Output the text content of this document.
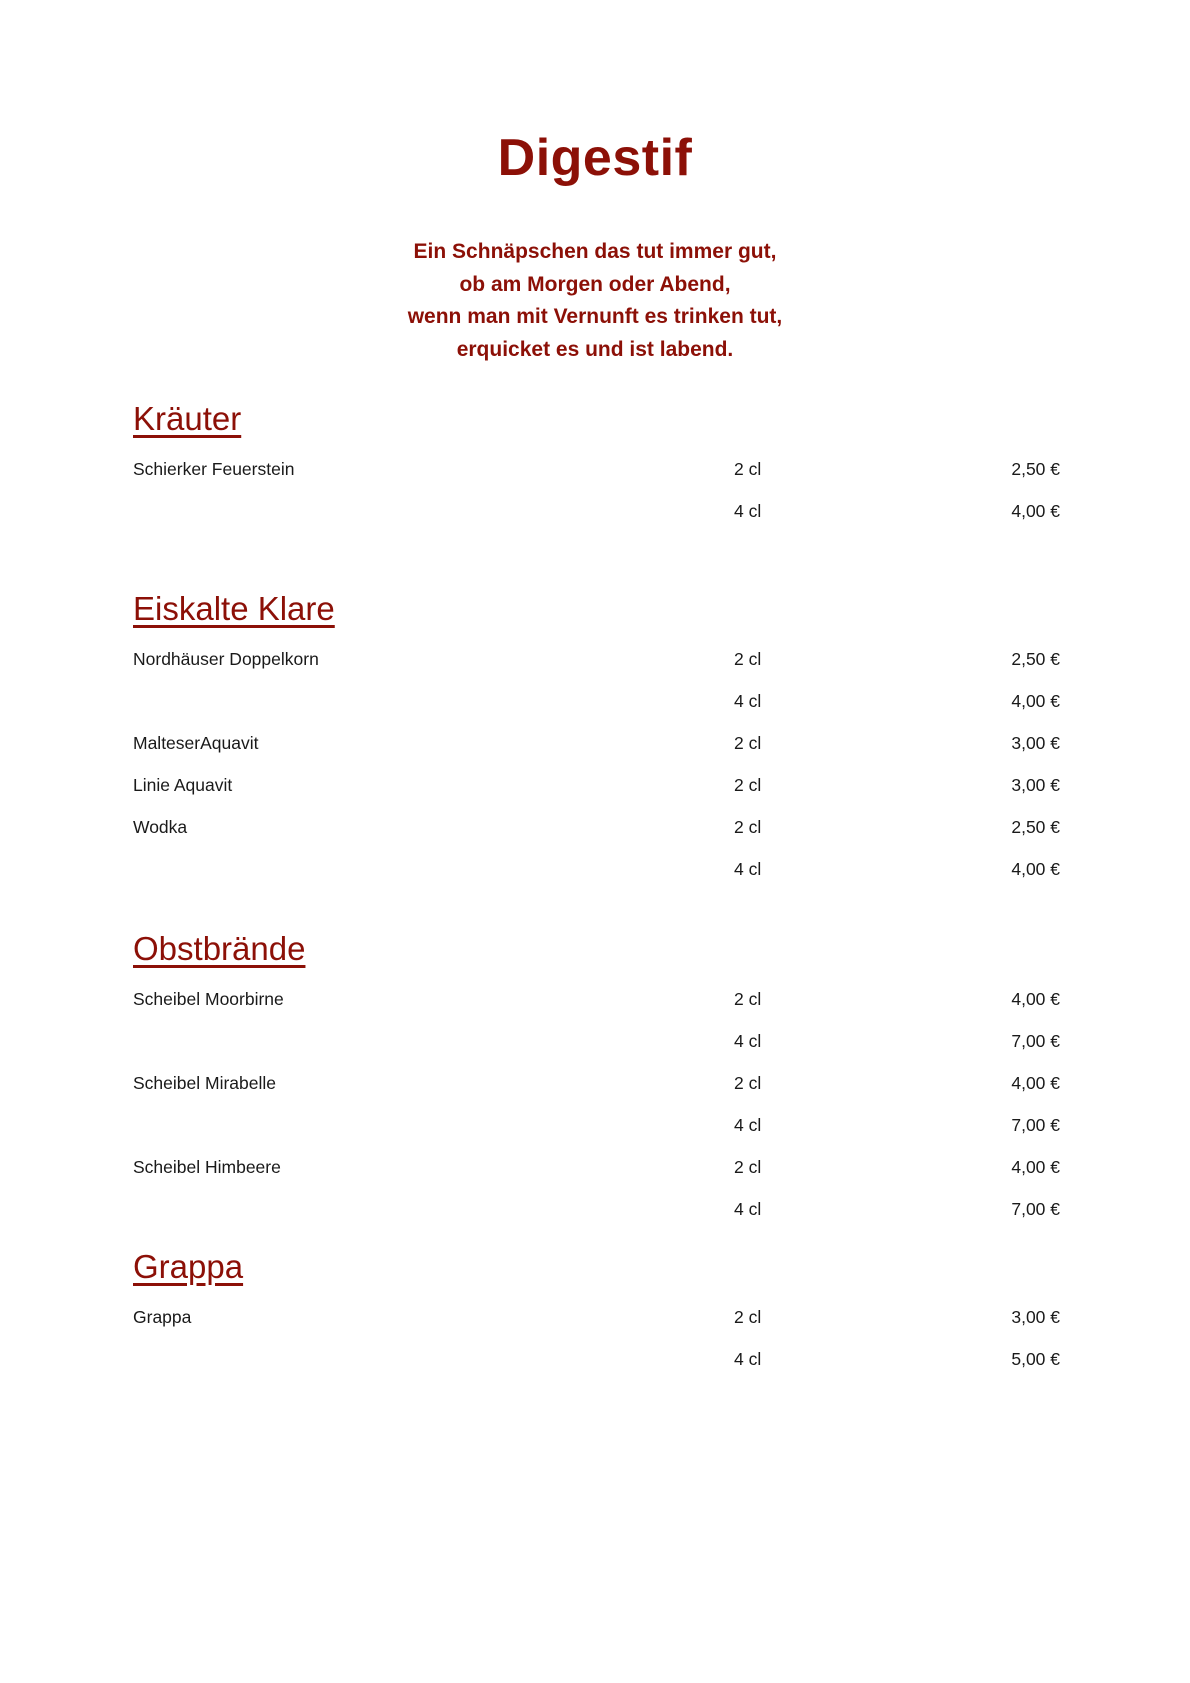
Digestif
Ein Schnäpschen das tut immer gut,
ob am Morgen oder Abend,
wenn man mit Vernunft es trinken tut,
erquicket es und ist labend.
Kräuter
Schierker Feuerstein	2 cl	2,50 €
	4 cl	4,00 €
Eiskalte Klare
Nordhäuser Doppelkorn	2 cl	2,50 €
	4 cl	4,00 €
MalteserAquavit	2 cl	3,00 €
Linie Aquavit	2 cl	3,00 €
Wodka	2 cl	2,50 €
	4 cl	4,00 €
Obstbrände
Scheibel Moorbirne	2 cl	4,00 €
	4 cl	7,00 €
Scheibel Mirabelle	2 cl	4,00 €
	4 cl	7,00 €
Scheibel Himbeere	2 cl	4,00 €
	4 cl	7,00 €
Grappa
Grappa	2 cl	3,00 €
	4 cl	5,00 €
